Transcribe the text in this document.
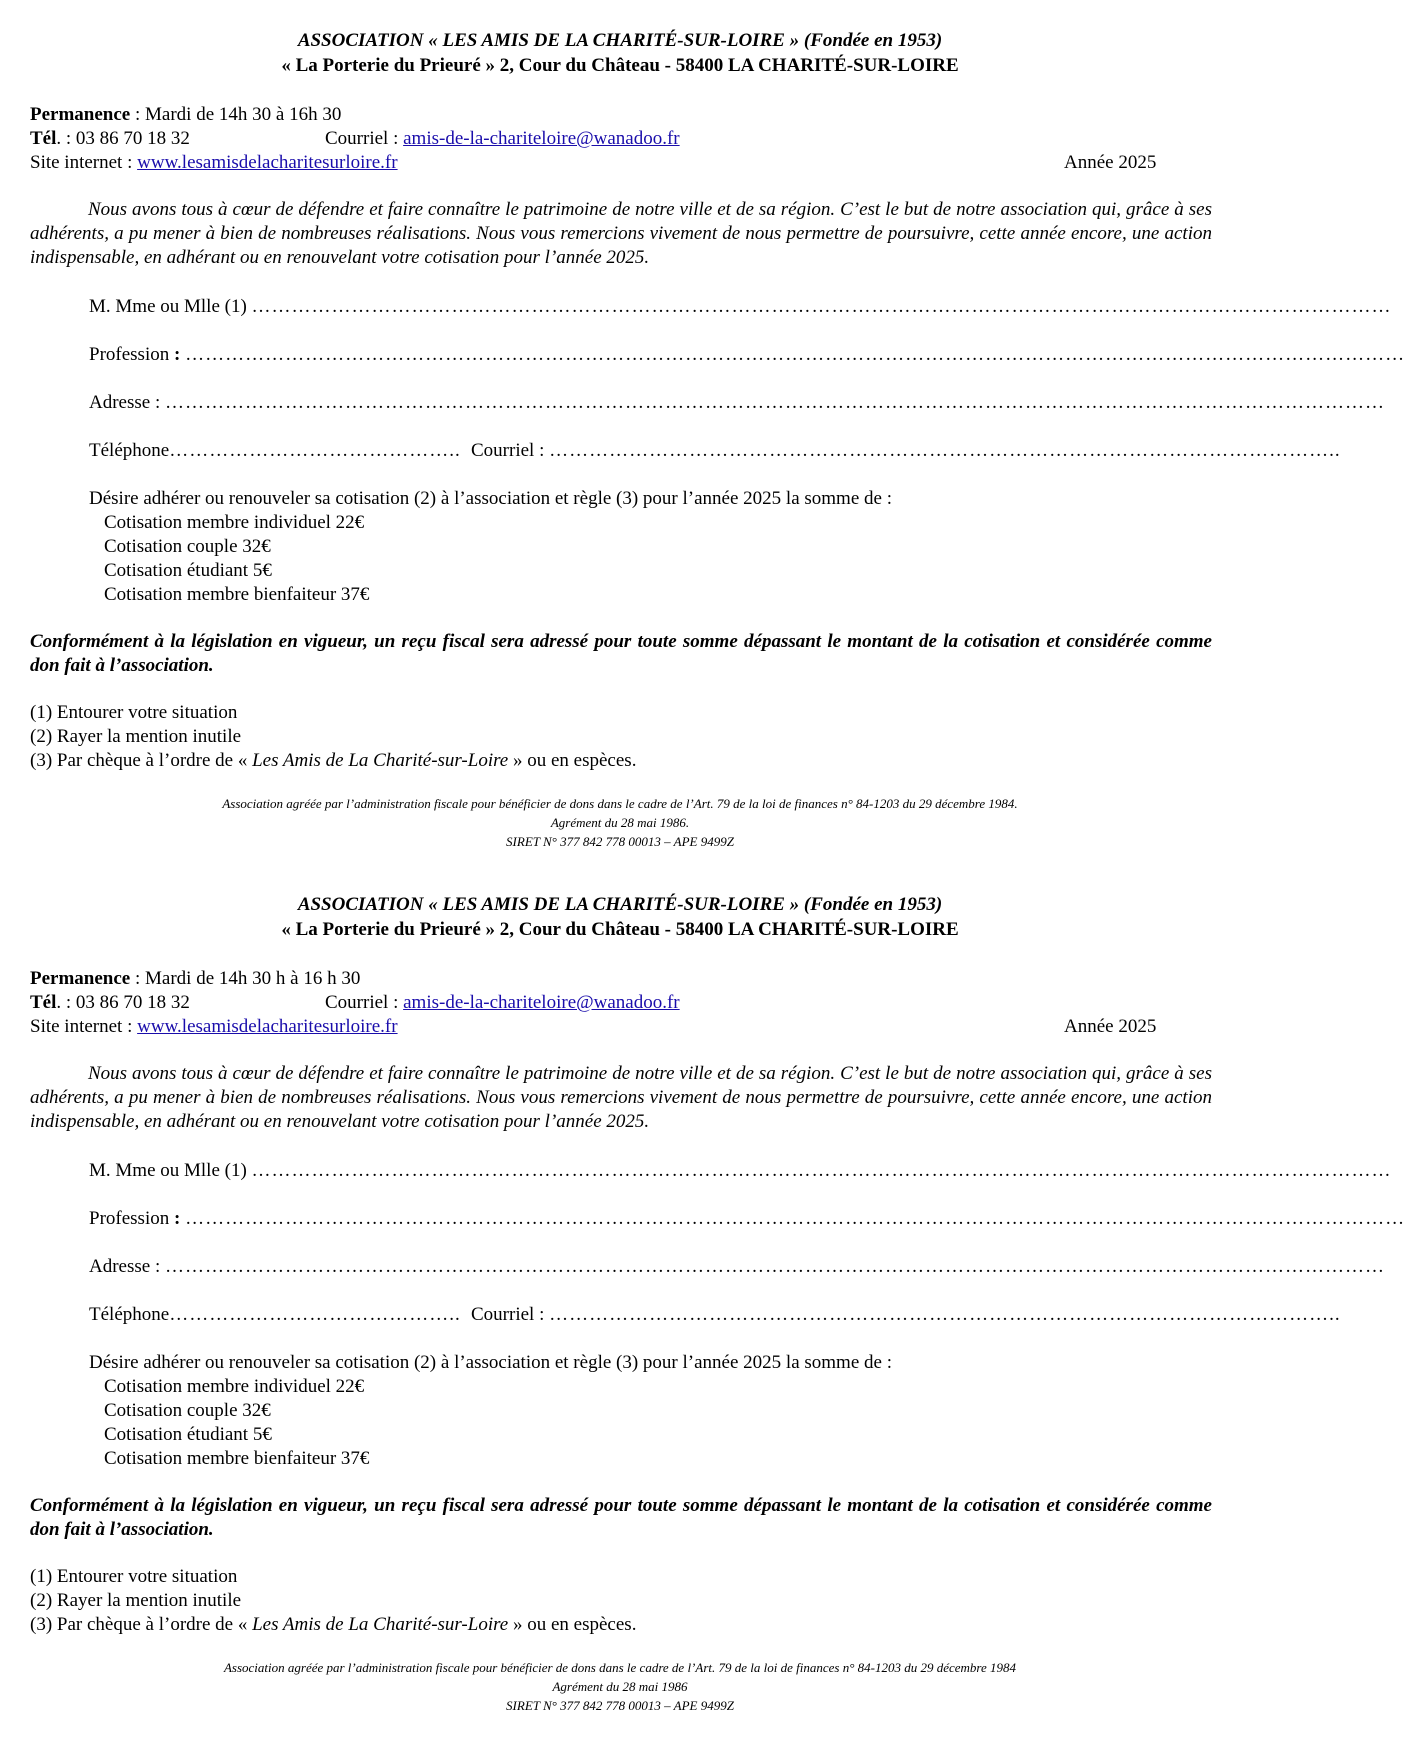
ASSOCIATION « LES AMIS DE LA CHARITÉ-SUR-LOIRE » (Fondée en 1953)
« La Porterie du Prieuré » 2, Cour du Château - 58400 LA CHARITÉ-SUR-LOIRE
Permanence : Mardi de 14h 30 à 16h 30
Tél. : 03 86 70 18 32	Courriel : amis-de-la-chariteloire@wanadoo.fr
Site internet : www.lesamisdelacharitesurloire.fr	Année 2025

Nous avons tous à cœur de défendre et faire connaître le patrimoine de notre ville et de sa région. C’est le but de notre association qui, grâce à ses adhérents, a pu mener à bien de nombreuses réalisations. Nous vous remercions vivement de nous permettre de poursuivre, cette année encore, une action indispensable, en adhérant ou en renouvelant votre cotisation pour l’année 2025.

M. Mme ou Mlle (1) ………………………………………………………………………………………………………………………………………………………
Profession : …………………………………………………………………………………………………………………………………………………………………
Adresse : …………………………………………………………………………………………………………………………………………………………………
Téléphone…………………………………….. Courriel : ………………………………………………………………………………………………………..
Désire adhérer ou renouveler sa cotisation (2) à l’association et règle (3) pour l’année 2025 la somme de :
Cotisation membre individuel 22€
Cotisation couple 32€
Cotisation étudiant 5€
Cotisation membre bienfaiteur 37€

Conformément à la législation en vigueur, un reçu fiscal sera adressé pour toute somme dépassant le montant de la cotisation et considérée comme don fait à l’association.

(1) Entourer votre situation
(2) Rayer la mention inutile
(3) Par chèque à l’ordre de « Les Amis de La Charité-sur-Loire » ou en espèces.
Association agréée par l’administration fiscale pour bénéficier de dons dans le cadre de l’Art. 79 de la loi de finances n° 84-1203 du 29 décembre 1984.
Agrément du 28 mai 1986.
SIRET N° 377 842 778 00013 – APE 9499Z
ASSOCIATION « LES AMIS DE LA CHARITÉ-SUR-LOIRE » (Fondée en 1953)
« La Porterie du Prieuré » 2, Cour du Château - 58400 LA CHARITÉ-SUR-LOIRE
Permanence : Mardi de 14h 30 h à 16 h 30
Tél. : 03 86 70 18 32	Courriel : amis-de-la-chariteloire@wanadoo.fr
Site internet : www.lesamisdelacharitesurloire.fr	Année 2025

Nous avons tous à cœur de défendre et faire connaître le patrimoine de notre ville et de sa région. C’est le but de notre association qui, grâce à ses adhérents, a pu mener à bien de nombreuses réalisations. Nous vous remercions vivement de nous permettre de poursuivre, cette année encore, une action indispensable, en adhérant ou en renouvelant votre cotisation pour l’année 2025.

M. Mme ou Mlle (1) ………………………………………………………………………………………………………………………………………………………
Profession : …………………………………………………………………………………………………………………………………………………………………
Adresse : …………………………………………………………………………………………………………………………………………………………………
Téléphone…………………………………….. Courriel : ………………………………………………………………………………………………………..
Désire adhérer ou renouveler sa cotisation (2) à l’association et règle (3) pour l’année 2025 la somme de :
Cotisation membre individuel 22€
Cotisation couple 32€
Cotisation étudiant 5€
Cotisation membre bienfaiteur 37€

Conformément à la législation en vigueur, un reçu fiscal sera adressé pour toute somme dépassant le montant de la cotisation et considérée comme don fait à l’association.

(1) Entourer votre situation
(2) Rayer la mention inutile
(3) Par chèque à l’ordre de « Les Amis de La Charité-sur-Loire » ou en espèces.
Association agréée par l’administration fiscale pour bénéficier de dons dans le cadre de l’Art. 79 de la loi de finances n° 84-1203 du 29 décembre 1984
Agrément du 28 mai 1986
SIRET N° 377 842 778 00013 – APE 9499Z
